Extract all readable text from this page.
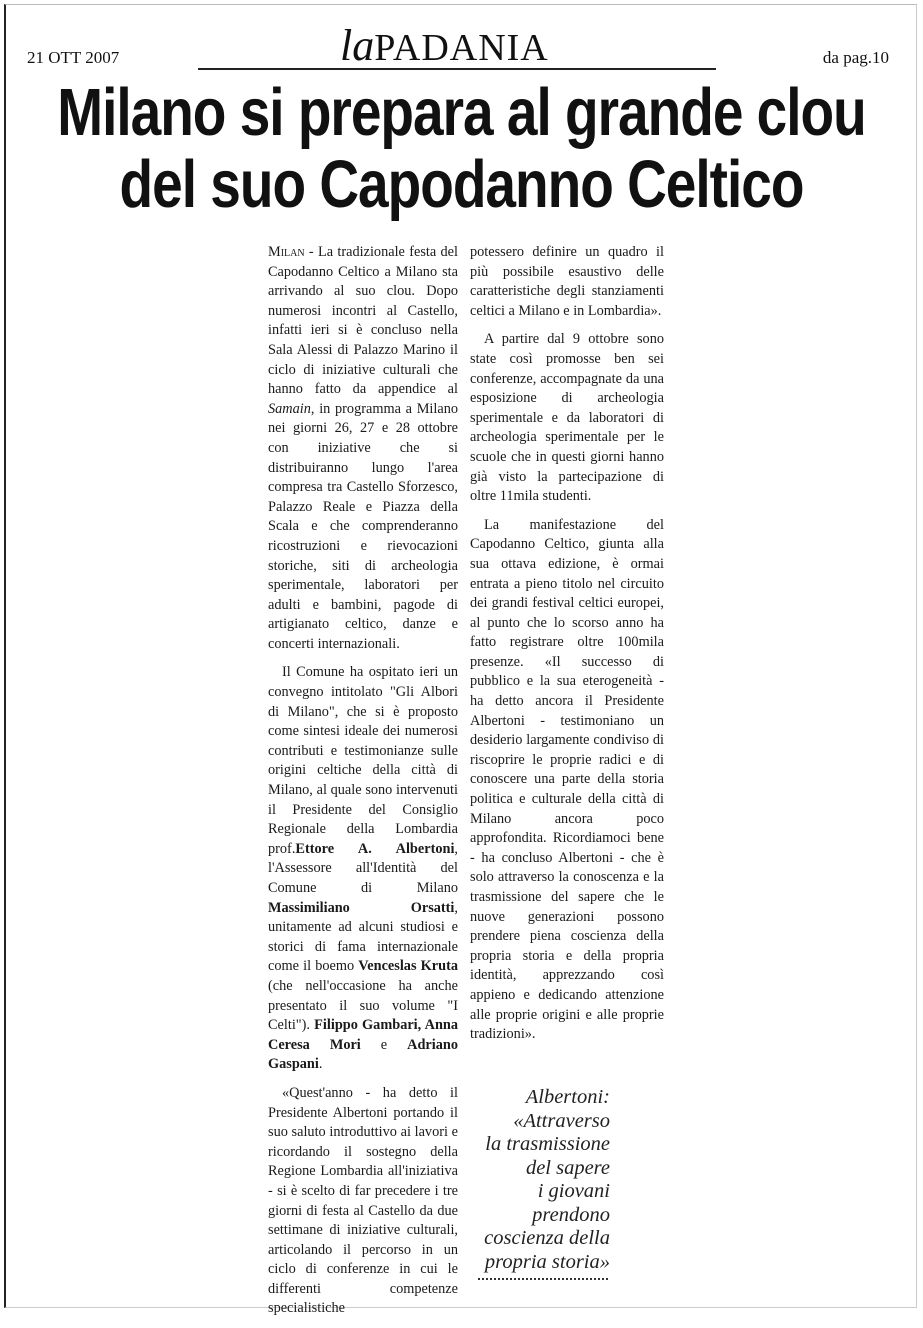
21 OTT 2007	laPADANIA	da pag.10
Milano si prepara al grande clou
del suo Capodanno Celtico

Milan - La tradizionale festa del Capodanno Celtico a Milano sta arrivando al suo clou. Dopo numerosi incontri al Castello, infatti ieri si è concluso nella Sala Alessi di Palazzo Marino il ciclo di iniziative culturali che hanno fatto da appendice al Samain, in programma a Milano nei giorni 26, 27 e 28 ottobre con iniziative che si distribuiranno lungo l'area compresa tra Castello Sforzesco, Palazzo Reale e Piazza della Scala e che comprenderanno ricostruzioni e rievocazioni storiche, siti di archeologia sperimentale, laboratori per adulti e bambini, pagode di artigianato celtico, danze e concerti internazionali.

Il Comune ha ospitato ieri un convegno intitolato "Gli Albori di Milano", che si è proposto come sintesi ideale dei numerosi contributi e testimonianze sulle origini celtiche della città di Milano, al quale sono intervenuti il Presidente del Consiglio Regionale della Lombardia prof.Ettore A. Albertoni, l'Assessore all'Identità del Comune di Milano Massimiliano Orsatti, unitamente ad alcuni studiosi e storici di fama internazionale come il boemo Venceslas Kruta (che nell'occasione ha anche presentato il suo volume "I Celti"). Filippo Gambari, Anna Ceresa Mori e Adriano Gaspani.

«Quest'anno - ha detto il Presidente Albertoni portando il suo saluto introduttivo ai lavori e ricordando il sostegno della Regione Lombardia all'iniziativa - si è scelto di far precedere i tre giorni di festa al Castello da due settimane di iniziative culturali, articolando il percorso in un ciclo di conferenze in cui le differenti competenze specialistiche

potessero definire un quadro il più possibile esaustivo delle caratteristiche degli stanziamenti celtici a Milano e in Lombardia».

A partire dal 9 ottobre sono state così promosse ben sei conferenze, accompagnate da una esposizione di archeologia sperimentale e da laboratori di archeologia sperimentale per le scuole che in questi giorni hanno già visto la partecipazione di oltre 11mila studenti.

La manifestazione del Capodanno Celtico, giunta alla sua ottava edizione, è ormai entrata a pieno titolo nel circuito dei grandi festival celtici europei, al punto che lo scorso anno ha fatto registrare oltre 100mila presenze. «Il successo di pubblico e la sua eterogeneità - ha detto ancora il Presidente Albertoni - testimoniano un desiderio largamente condiviso di riscoprire le proprie radici e di conoscere una parte della storia politica e culturale della città di Milano ancora poco approfondita. Ricordiamoci bene - ha concluso Albertoni - che è solo attraverso la conoscenza e la trasmissione del sapere che le nuove generazioni possono prendere piena coscienza della propria storia e della propria identità, apprezzando così appieno e dedicando attenzione alle proprie origini e alle proprie tradizioni».

Albertoni:
«Attraverso
la trasmissione
del sapere
i giovani
prendono
coscienza della
propria storia»
